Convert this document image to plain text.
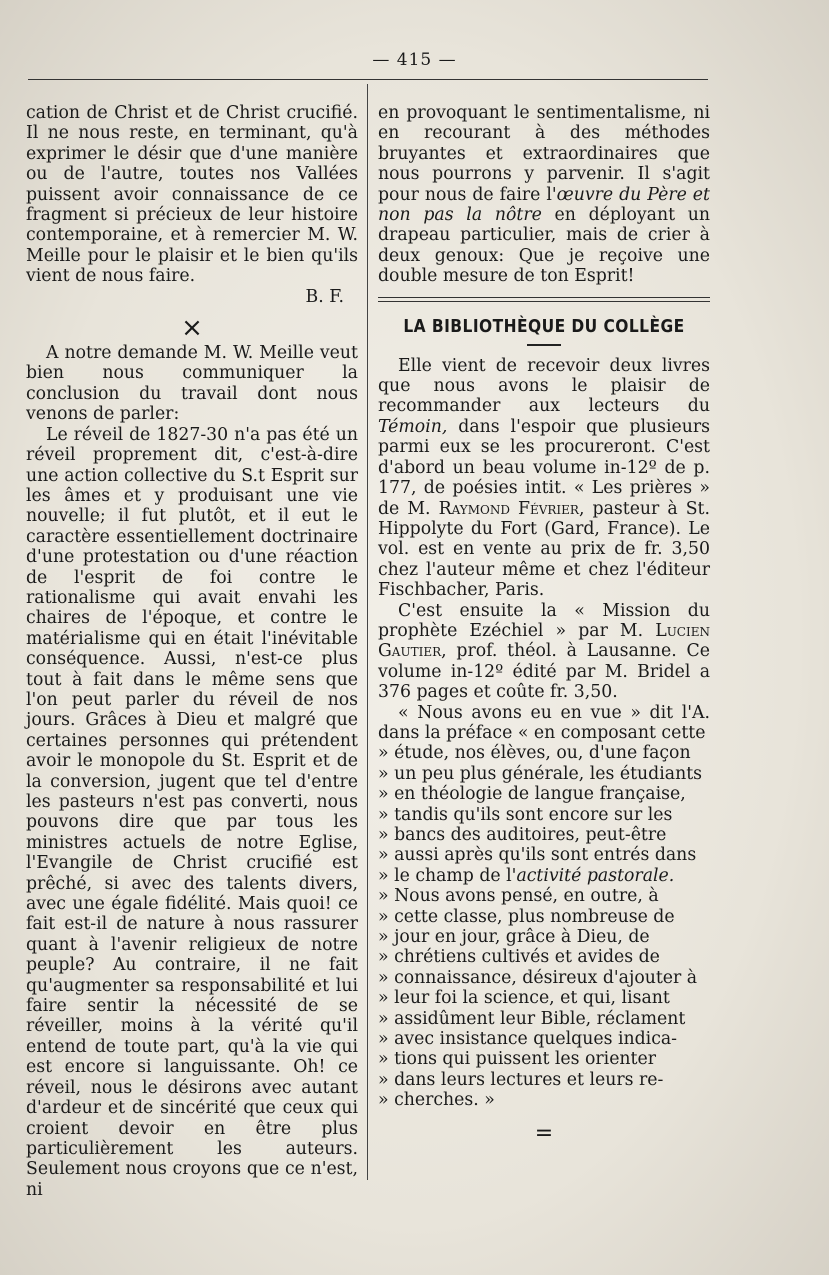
— 415 —

cation de Christ et de Christ crucifié. Il ne nous reste, en terminant, qu'à exprimer le désir que d'une manière ou de l'autre, toutes nos Vallées puissent avoir connaissance de ce fragment si précieux de leur histoire contemporaine, et à remercier M. W. Meille pour le plaisir et le bien qu'ils vient de nous faire.

B. F.

×

A notre demande M. W. Meille veut bien nous communiquer la conclusion du travail dont nous venons de parler:

Le réveil de 1827-30 n'a pas été un réveil proprement dit, c'est-à-dire une action collective du S.t Esprit sur les âmes et y produisant une vie nouvelle; il fut plutôt, et il eut le caractère essentiellement doctrinaire d'une protestation ou d'une réaction de l'esprit de foi contre le rationalisme qui avait envahi les chaires de l'époque, et contre le matérialisme qui en était l'inévitable conséquence. Aussi, n'est-ce plus tout à fait dans le même sens que l'on peut parler du réveil de nos jours. Grâces à Dieu et malgré que certaines personnes qui prétendent avoir le monopole du St. Esprit et de la conversion, jugent que tel d'entre les pasteurs n'est pas converti, nous pouvons dire que par tous les ministres actuels de notre Eglise, l'Evangile de Christ crucifié est prêché, si avec des talents divers, avec une égale fidélité. Mais quoi! ce fait est-il de nature à nous rassurer quant à l'avenir religieux de notre peuple? Au contraire, il ne fait qu'augmenter sa responsabilité et lui faire sentir la nécessité de se réveiller, moins à la vérité qu'il entend de toute part, qu'à la vie qui est encore si languissante. Oh! ce réveil, nous le désirons avec autant d'ardeur et de sincérité que ceux qui croient devoir en être plus particulièrement les auteurs. Seulement nous croyons que ce n'est, ni

en provoquant le sentimentalisme, ni en recourant à des méthodes bruyantes et extraordinaires que nous pourrons y parvenir. Il s'agit pour nous de faire l'œuvre du Père et non pas la nôtre en déployant un drapeau particulier, mais de crier à deux genoux: Que je reçoive une double mesure de ton Esprit!

LA BIBLIOTHÈQUE DU COLLÈGE

Elle vient de recevoir deux livres que nous avons le plaisir de recommander aux lecteurs du Témoin, dans l'espoir que plusieurs parmi eux se les procureront. C'est d'abord un beau volume in-12º de p. 177, de poésies intit. « Les prières » de M. Raymond Février, pasteur à St. Hippolyte du Fort (Gard, France). Le vol. est en vente au prix de fr. 3,50 chez l'auteur même et chez l'éditeur Fischbacher, Paris.

C'est ensuite la « Mission du prophète Ezéchiel » par M. Lucien Gautier, prof. théol. à Lausanne. Ce volume in-12º édité par M. Bridel a 376 pages et coûte fr. 3,50.

« Nous avons eu en vue » dit l'A. dans la préface « en composant cette

» étude, nos élèves, ou, d'une façon
» un peu plus générale, les étudiants
» en théologie de langue française,
» tandis qu'ils sont encore sur les
» bancs des auditoires, peut-être
» aussi après qu'ils sont entrés dans
» le champ de l'activité pastorale.
» Nous avons pensé, en outre, à
» cette classe, plus nombreuse de
» jour en jour, grâce à Dieu, de
» chrétiens cultivés et avides de
» connaissance, désireux d'ajouter à
» leur foi la science, et qui, lisant
» assidûment leur Bible, réclament
» avec insistance quelques indica-
» tions qui puissent les orienter
» dans leurs lectures et leurs re-
» cherches. »
=
